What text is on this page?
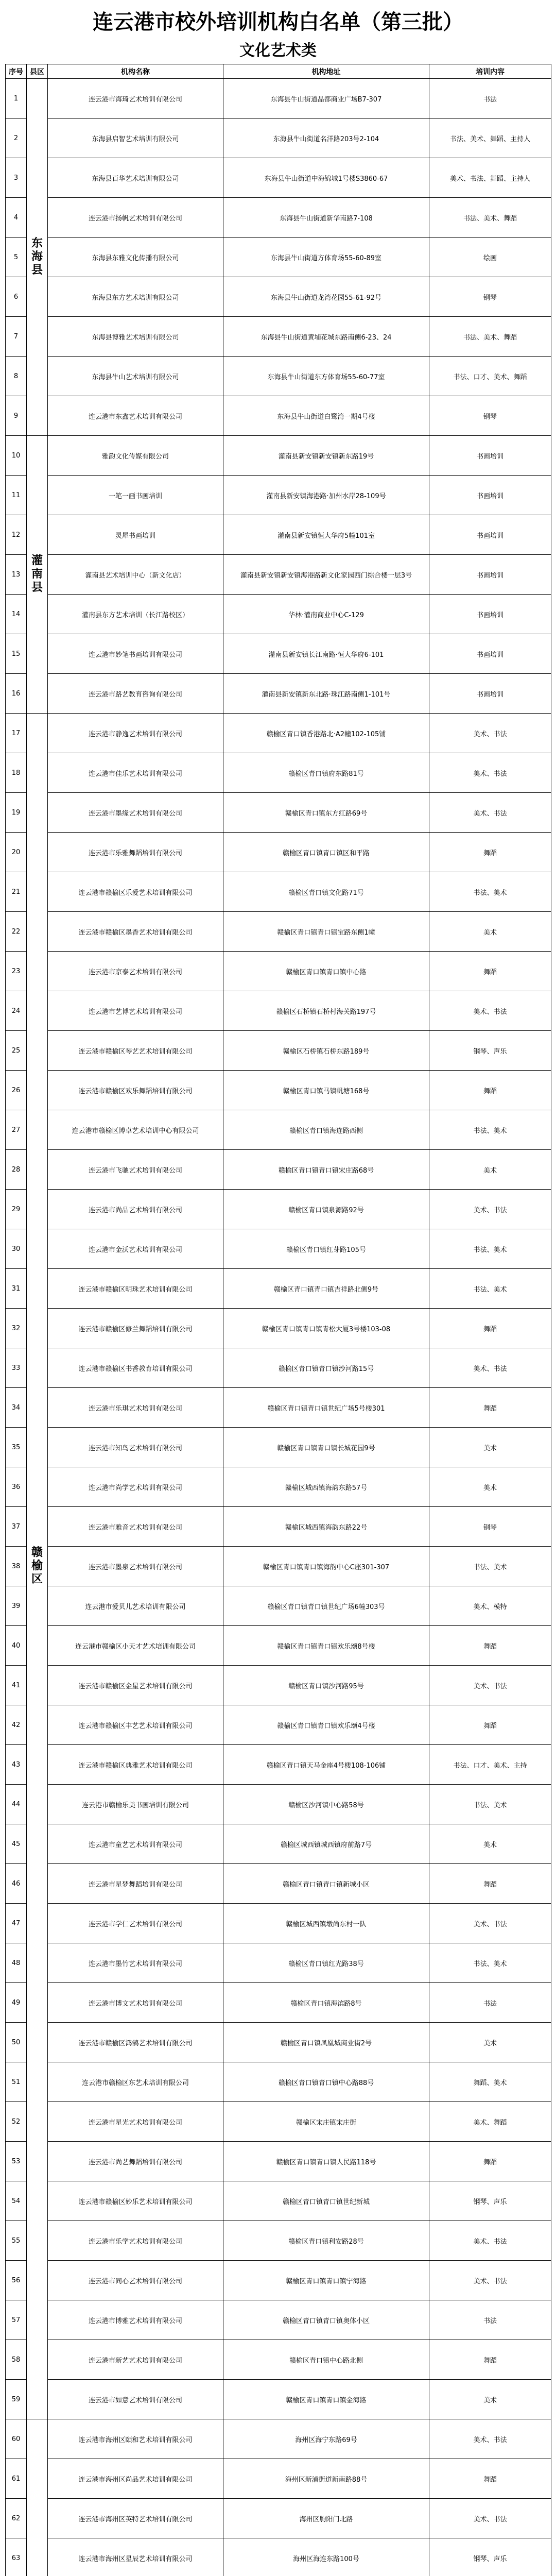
连云港市校外培训机构白名单（第三批）
文化艺术类
序号	县区	机构名称	机构地址	培训内容
1	东海县	连云港市海琦艺术培训有限公司	东海县牛山街道晶都商业广场B7-307	书法
2		东海县启智艺术培训有限公司	东海县牛山街道名洋路203号2-104	书法、美术、舞蹈、主持人
3		东海县百华艺术培训有限公司	东海县牛山街道中海锦城1号楼S3860-67	美术、书法、舞蹈、主持人
4		连云港市扬帆艺术培训有限公司	东海县牛山街道新华南路7-108	书法、美术、舞蹈
5		东海县东雅文化传播有限公司	东海县牛山街道方体育场55-60-89室	绘画
6		东海县东方艺术培训有限公司	东海县牛山街道龙湾花园55-61-92号	钢琴
7		东海县博雅艺术培训有限公司	东海县牛山街道黄埔花城东路南侧6-23、24	书法、美术、舞蹈
8		东海县牛山艺术培训有限公司	东海县牛山街道东方体育场55-60-77室	书法、口才、美术、舞蹈
9		连云港市东鑫艺术培训有限公司	东海县牛山街道白鹭湾一期4号楼	钢琴
10	灌南县	雅韵文化传媒有限公司	灌南县新安镇新安镇新东路19号	书画培训
11		一笔一画书画培训	灌南县新安镇海港路·加州水岸28-109号	书画培训
12		灵犀书画培训	灌南县新安镇恒大华府5幢101室	书画培训
13		灌南县艺术培训中心（新文化店）	灌南县新安镇新安镇海港路新文化家园西门综合楼一层3号	书画培训
14		灌南县东方艺术培训（长江路校区）	华林·灌南商业中心C-129	书画培训
15		连云港市妙笔书画培训有限公司	灌南县新安镇长江南路·恒大华府6-101	书画培训
16		连云港市路艺教育咨询有限公司	灌南县新安镇新东北路·珠江路南侧1-101号	书画培训
17	赣榆区	连云港市静逸艺术培训有限公司	赣榆区青口镇香港路北·A2幢102-105铺	美术、书法
18		连云港市佳乐艺术培训有限公司	赣榆区青口镇府东路81号	美术、书法
19		连云港市墨缘艺术培训有限公司	赣榆区青口镇东方红路69号	美术、书法
20		连云港市乐雅舞蹈培训有限公司	赣榆区青口镇青口镇区和平路	舞蹈
21		连云港市赣榆区乐爱艺术培训有限公司	赣榆区青口镇文化路71号	书法、美术
22		连云港市赣榆区墨香艺术培训有限公司	赣榆区青口镇青口镇宝路东侧1幢	美术
23		连云港市京泰艺术培训有限公司	赣榆区青口镇青口镇中心路	舞蹈
24		连云港市艺博艺术培训有限公司	赣榆区石桥镇石桥村海关路197号	美术、书法
25		连云港市赣榆区琴艺艺术培训有限公司	赣榆区石桥镇石桥东路189号	钢琴、声乐
26		连云港市赣榆区欢乐舞蹈培训有限公司	赣榆区青口镇马镇帆塘168号	舞蹈
27		连云港市赣榆区博卓艺术培训中心有限公司	赣榆区青口镇海连路西侧	书法、美术
28		连云港市飞驰艺术培训有限公司	赣榆区青口镇青口镇宋庄路68号	美术
29		连云港市尚品艺术培训有限公司	赣榆区青口镇泉源路92号	美术、书法
30		连云港市金沃艺术培训有限公司	赣榆区青口镇红芽路105号	书法、美术
31		连云港市赣榆区明珠艺术培训有限公司	赣榆区青口镇青口镇吉祥路北侧9号	书法、美术
32		连云港市赣榆区修兰舞蹈培训有限公司	赣榆区青口镇青口镇青松大厦3号楼103-08	舞蹈
33		连云港市赣榆区书香教育培训有限公司	赣榆区青口镇青口镇沙河路15号	美术、书法
34		连云港市乐琪艺术培训有限公司	赣榆区青口镇青口镇世纪广场5号楼301	舞蹈
35		连云港市知鸟艺术培训有限公司	赣榆区青口镇青口镇长城花园9号	美术
36		连云港市尚学艺术培训有限公司	赣榆区城西镇海韵东路57号	美术
37		连云港市雅音艺术培训有限公司	赣榆区城西镇海韵东路22号	钢琴
38		连云港市墨泉艺术培训有限公司	赣榆区青口镇青口镇海韵中心C座301-307	书法、美术
39		连云港市爱贝儿艺术培训有限公司	赣榆区青口镇青口镇世纪广场6幢303号	美术、模特
40		连云港市赣榆区小天才艺术培训有限公司	赣榆区青口镇青口镇欢乐颂8号楼	舞蹈
41		连云港市赣榆区金星艺术培训有限公司	赣榆区青口镇沙河路95号	美术、书法
42		连云港市赣榆区丰艺艺术培训有限公司	赣榆区青口镇青口镇欢乐颂4号楼	舞蹈
43		连云港市赣榆区典雅艺术培训有限公司	赣榆区青口镇天马金座4号楼108-106铺	书法、口才、美术、主持
44		连云港市赣榆乐美书画培训有限公司	赣榆区沙河镇中心路58号	书法、美术
45		连云港市童艺艺术培训有限公司	赣榆区城西镇城西镇府前路7号	美术
46		连云港市星梦舞蹈培训有限公司	赣榆区青口镇青口镇新城小区	舞蹈
47		连云港市学仁艺术培训有限公司	赣榆区城西镇墩尚东村一队	美术、书法
48		连云港市墨竹艺术培训有限公司	赣榆区青口镇红光路38号	书法、美术
49		连云港市博文艺术培训有限公司	赣榆区青口镇海滨路8号	书法
50		连云港市赣榆区鸿鹄艺术培训有限公司	赣榆区青口镇凤凰城商业街2号	美术
51		连云港市赣榆区东艺术培训有限公司	赣榆区青口镇青口镇中心路88号	舞蹈、美术
52		连云港市星光艺术培训有限公司	赣榆区宋庄镇宋庄街	美术、舞蹈
53		连云港市尚艺舞蹈培训有限公司	赣榆区青口镇青口镇人民路118号	舞蹈
54		连云港市赣榆区妙乐艺术培训有限公司	赣榆区青口镇青口镇世纪新城	钢琴、声乐
55		连云港市乐学艺术培训有限公司	赣榆区青口镇利安路28号	美术、书法
56		连云港市同心艺术培训有限公司	赣榆区青口镇青口镇宁海路	美术、书法
57		连云港市博雅艺术培训有限公司	赣榆区青口镇青口镇奥体小区	书法
58		连云港市新艺艺术培训有限公司	赣榆区青口镇中心路北侧	舞蹈
59		连云港市如意艺术培训有限公司	赣榆区青口镇青口镇金海路	美术
60		连云港市海州区颐和艺术培训有限公司	海州区海宁东路69号	美术、书法
61		连云港市海州区尚品艺术培训有限公司	海州区新浦街道新南路88号	舞蹈
62		连云港市海州区英特艺术培训有限公司	海州区朐阳门北路	美术、书法
63		连云港市海州区星辰艺术培训有限公司	海州区海连东路100号	钢琴、声乐
